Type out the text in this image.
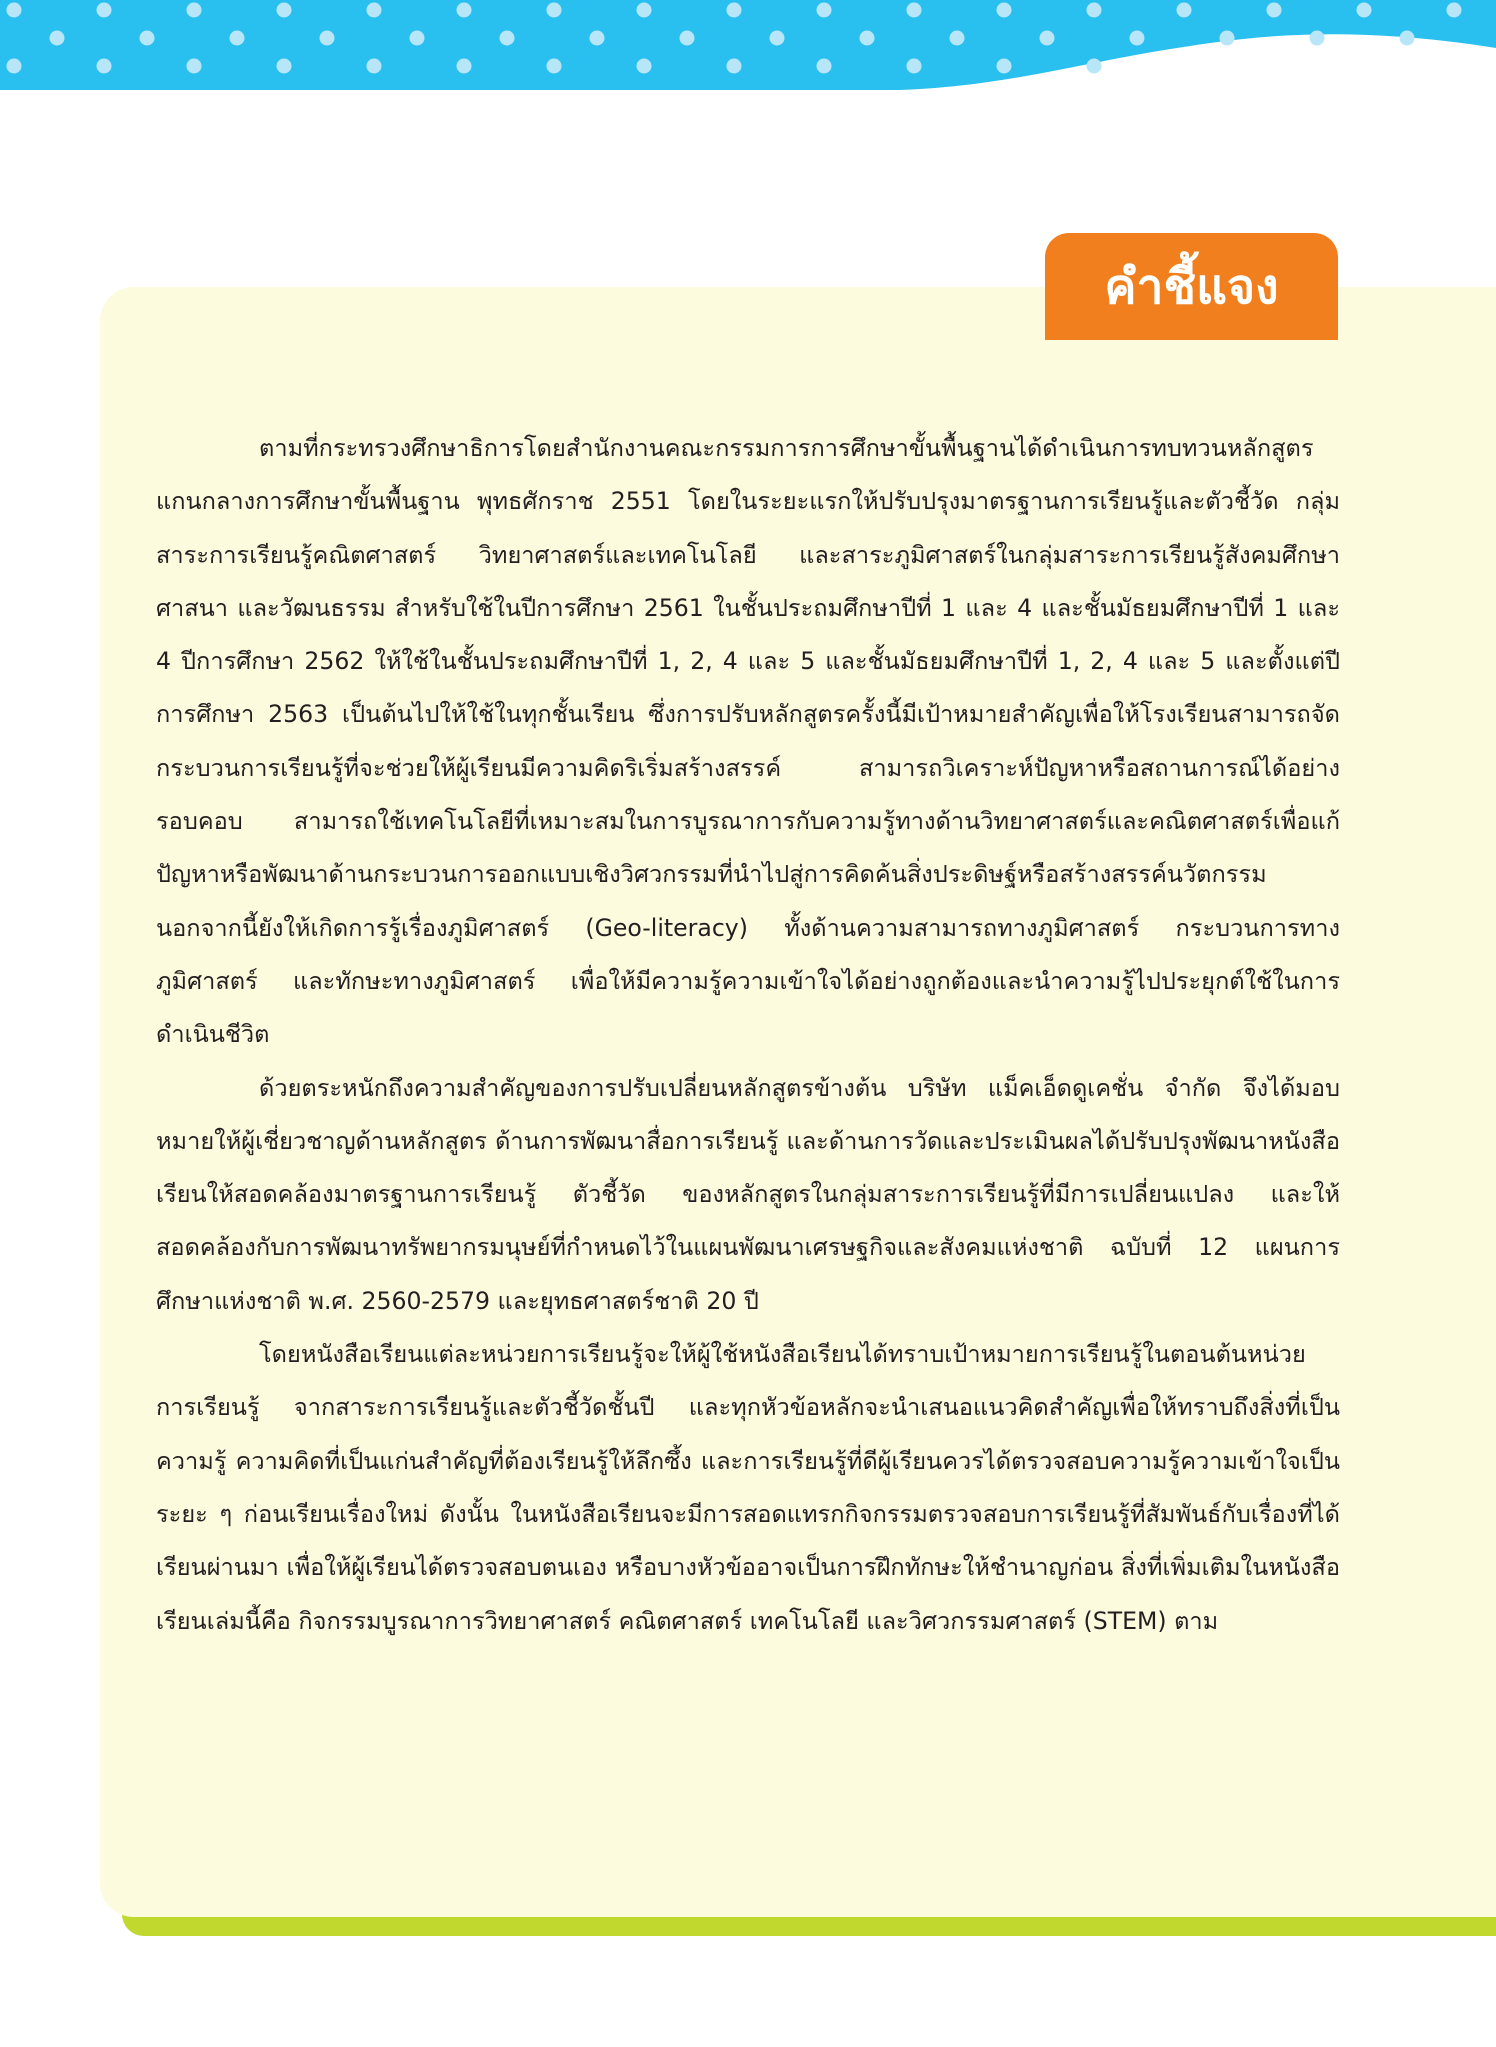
คำชี้แจง

ตามที่กระทรวงศึกษาธิการโดยสำนักงานคณะกรรมการการศึกษาขั้นพื้นฐานได้ดำเนินการทบทวนหลักสูตรแกนกลางการศึกษาขั้นพื้นฐาน พุทธศักราช 2551 โดยในระยะแรกให้ปรับปรุงมาตรฐานการเรียนรู้และตัวชี้วัด กลุ่มสาระการเรียนรู้คณิตศาสตร์ วิทยาศาสตร์และเทคโนโลยี และสาระภูมิศาสตร์ในกลุ่มสาระการเรียนรู้สังคมศึกษา ศาสนา และวัฒนธรรม สำหรับใช้ในปีการศึกษา 2561 ในชั้นประถมศึกษาปีที่ 1 และ 4 และชั้นมัธยมศึกษาปีที่ 1 และ 4 ปีการศึกษา 2562 ให้ใช้ในชั้นประถมศึกษาปีที่ 1, 2, 4 และ 5 และชั้นมัธยมศึกษาปีที่ 1, 2, 4 และ 5 และตั้งแต่ปีการศึกษา 2563 เป็นต้นไปให้ใช้ในทุกชั้นเรียน ซึ่งการปรับหลักสูตรครั้งนี้มีเป้าหมายสำคัญเพื่อให้โรงเรียนสามารถจัดกระบวนการเรียนรู้ที่จะช่วยให้ผู้เรียนมีความคิดริเริ่มสร้างสรรค์ สามารถวิเคราะห์ปัญหาหรือสถานการณ์ได้อย่างรอบคอบ สามารถใช้เทคโนโลยีที่เหมาะสมในการบูรณาการกับความรู้ทางด้านวิทยาศาสตร์และคณิตศาสตร์เพื่อแก้ปัญหาหรือพัฒนาด้านกระบวนการออกแบบเชิงวิศวกรรมที่นำไปสู่การคิดค้นสิ่งประดิษฐ์หรือสร้างสรรค์นวัตกรรม นอกจากนี้ยังให้เกิดการรู้เรื่องภูมิศาสตร์ (Geo-literacy) ทั้งด้านความสามารถทางภูมิศาสตร์ กระบวนการทางภูมิศาสตร์ และทักษะทางภูมิศาสตร์ เพื่อให้มีความรู้ความเข้าใจได้อย่างถูกต้องและนำความรู้ไปประยุกต์ใช้ในการดำเนินชีวิต

ด้วยตระหนักถึงความสำคัญของการปรับเปลี่ยนหลักสูตรข้างต้น บริษัท แม็คเอ็ดดูเคชั่น จำกัด จึงได้มอบหมายให้ผู้เชี่ยวชาญด้านหลักสูตร ด้านการพัฒนาสื่อการเรียนรู้ และด้านการวัดและประเมินผลได้ปรับปรุงพัฒนาหนังสือเรียนให้สอดคล้องมาตรฐานการเรียนรู้ ตัวชี้วัด ของหลักสูตรในกลุ่มสาระการเรียนรู้ที่มีการเปลี่ยนแปลง และให้สอดคล้องกับการพัฒนาทรัพยากรมนุษย์ที่กำหนดไว้ในแผนพัฒนาเศรษฐกิจและสังคมแห่งชาติ ฉบับที่ 12 แผนการศึกษาแห่งชาติ พ.ศ. 2560-2579 และยุทธศาสตร์ชาติ 20 ปี

โดยหนังสือเรียนแต่ละหน่วยการเรียนรู้จะให้ผู้ใช้หนังสือเรียนได้ทราบเป้าหมายการเรียนรู้ในตอนต้นหน่วยการเรียนรู้ จากสาระการเรียนรู้และตัวชี้วัดชั้นปี และทุกหัวข้อหลักจะนำเสนอแนวคิดสำคัญเพื่อให้ทราบถึงสิ่งที่เป็นความรู้ ความคิดที่เป็นแก่นสำคัญที่ต้องเรียนรู้ให้ลึกซึ้ง และการเรียนรู้ที่ดีผู้เรียนควรได้ตรวจสอบความรู้ความเข้าใจเป็นระยะ ๆ ก่อนเรียนเรื่องใหม่ ดังนั้น ในหนังสือเรียนจะมีการสอดแทรกกิจกรรมตรวจสอบการเรียนรู้ที่สัมพันธ์กับเรื่องที่ได้เรียนผ่านมา เพื่อให้ผู้เรียนได้ตรวจสอบตนเอง หรือบางหัวข้ออาจเป็นการฝึกทักษะให้ชำนาญก่อน สิ่งที่เพิ่มเติมในหนังสือเรียนเล่มนี้คือ กิจกรรมบูรณาการวิทยาศาสตร์ คณิตศาสตร์ เทคโนโลยี และวิศวกรรมศาสตร์ (STEM) ตาม
